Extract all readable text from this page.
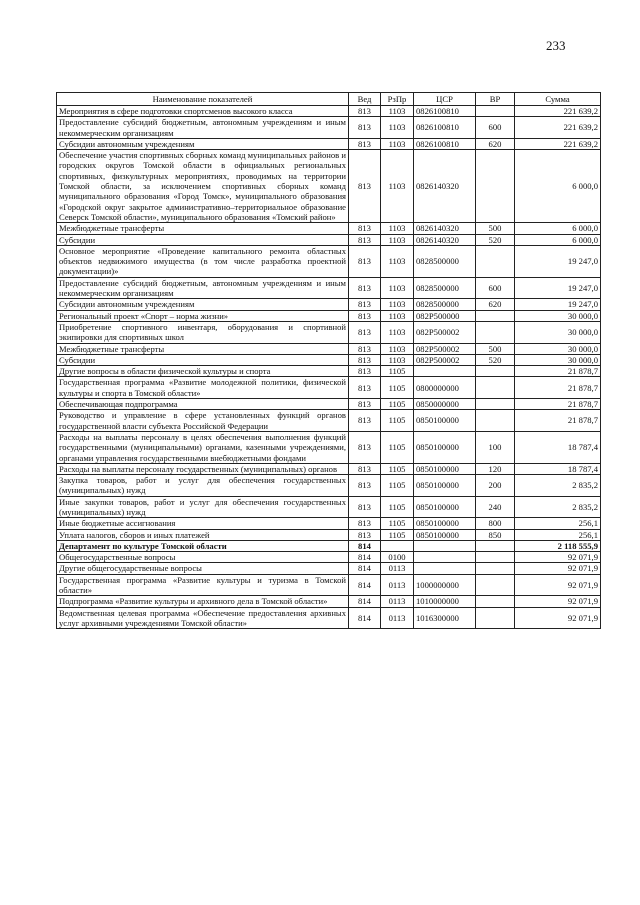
233
Наименование показателей	Вед	РзПр	ЦСР	ВР	Сумма
Мероприятия в сфере подготовки спортсменов высокого класса	813	1103	0826100810		221 639,2
Предоставление субсидий бюджетным, автономным учреждениям и иным некоммерческим организациям	813	1103	0826100810	600	221 639,2
Субсидии автономным учреждениям	813	1103	0826100810	620	221 639,2
Обеспечение участия спортивных сборных команд муниципальных районов и городских округов Томской области в официальных региональных спортивных, физкультурных мероприятиях, проводимых на территории Томской области, за исключением спортивных сборных команд муниципального образования «Город Томск», муниципального образования «Городской округ закрытое административно–территориальное образование Северск Томской области», муниципального образования «Томский район»	813	1103	0826140320		6 000,0
Межбюджетные трансферты	813	1103	0826140320	500	6 000,0
Субсидии	813	1103	0826140320	520	6 000,0
Основное мероприятие «Проведение капитального ремонта областных объектов недвижимого имущества (в том числе разработка проектной документации)»	813	1103	0828500000		19 247,0
Предоставление субсидий бюджетным, автономным учреждениям и иным некоммерческим организациям	813	1103	0828500000	600	19 247,0
Субсидии автономным учреждениям	813	1103	0828500000	620	19 247,0
Региональный проект «Спорт – норма жизни»	813	1103	082P500000		30 000,0
Приобретение спортивного инвентаря, оборудования и спортивной экипировки для спортивных школ	813	1103	082P500002		30 000,0
Межбюджетные трансферты	813	1103	082P500002	500	30 000,0
Субсидии	813	1103	082P500002	520	30 000,0
Другие вопросы в области физической культуры и спорта	813	1105			21 878,7
Государственная программа «Развитие молодежной политики, физической культуры и спорта в Томской области»	813	1105	0800000000		21 878,7
Обеспечивающая подпрограмма	813	1105	0850000000		21 878,7
Руководство и управление в сфере установленных функций органов государственной власти субъекта Российской Федерации	813	1105	0850100000		21 878,7
Расходы на выплаты персоналу в целях обеспечения выполнения функций государственными (муниципальными) органами, казенными учреждениями, органами управления государственными внебюджетными фондами	813	1105	0850100000	100	18 787,4
Расходы на выплаты персоналу государственных (муниципальных) органов	813	1105	0850100000	120	18 787,4
Закупка товаров, работ и услуг для обеспечения государственных (муниципальных) нужд	813	1105	0850100000	200	2 835,2
Иные закупки товаров, работ и услуг для обеспечения государственных (муниципальных) нужд	813	1105	0850100000	240	2 835,2
Иные бюджетные ассигнования	813	1105	0850100000	800	256,1
Уплата налогов, сборов и иных платежей	813	1105	0850100000	850	256,1
Департамент по культуре Томской области	814				2 118 555,9
Общегосударственные вопросы	814	0100			92 071,9
Другие общегосударственные вопросы	814	0113			92 071,9
Государственная программа «Развитие культуры и туризма в Томской области»	814	0113	1000000000		92 071,9
Подпрограмма «Развитие культуры и архивного дела в Томской области»	814	0113	1010000000		92 071,9
Ведомственная целевая программа «Обеспечение предоставления архивных услуг архивными учреждениями Томской области»	814	0113	1016300000		92 071,9
